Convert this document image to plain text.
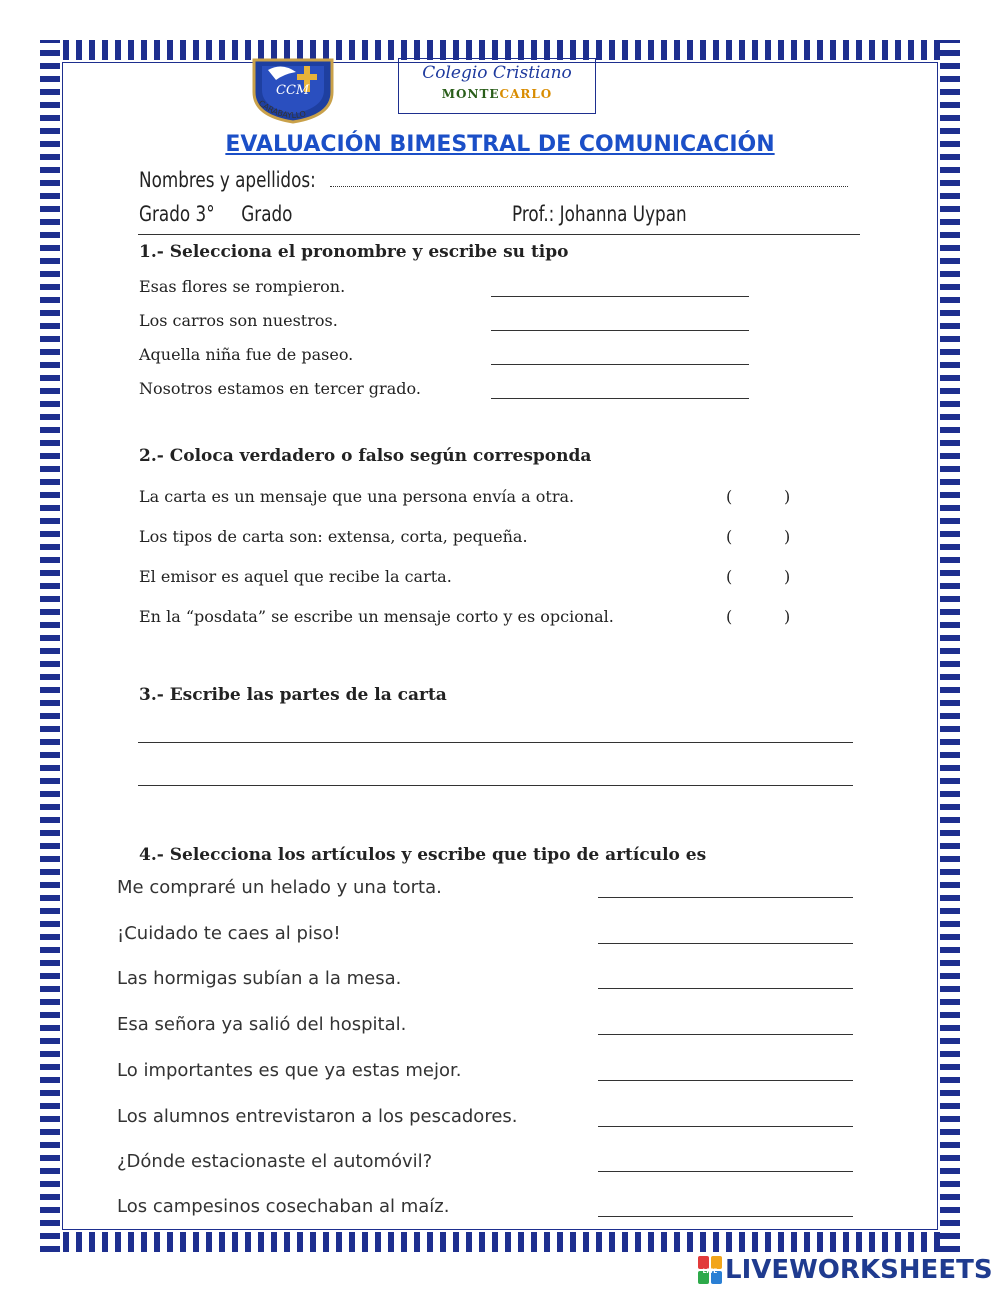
CCM
CARABAYLLO
Colegio Cristiano
MONTECARLO
EVALUACIÓN BIMESTRAL DE COMUNICACIÓN
Nombres y apellidos:
Grado 3°     Grado	Prof.: Johanna Uypan
1.- Selecciona el pronombre y escribe su tipo
Esas flores se rompieron.
Los carros son nuestros.
Aquella niña fue de paseo.
Nosotros estamos en tercer grado.
2.- Coloca verdadero o falso según corresponda
La carta es un mensaje que una persona envía a otra.	(	)
Los tipos de carta son: extensa, corta, pequeña.	(	)
El emisor es aquel que recibe la carta.	(	)
En la “posdata” se escribe un mensaje corto y es opcional.	(	)
3.- Escribe las partes de la carta
4.- Selecciona los artículos y escribe que tipo de artículo es
Me compraré un helado y una torta.
¡Cuidado te caes al piso!
Las hormigas subían a la mesa.
Esa señora ya salió del hospital.
Lo importantes es que ya estas mejor.
Los alumnos entrevistaron a los pescadores.
¿Dónde estacionaste el automóvil?
Los campesinos cosechaban al maíz.
LIVE LIVEWORKSHEETS
